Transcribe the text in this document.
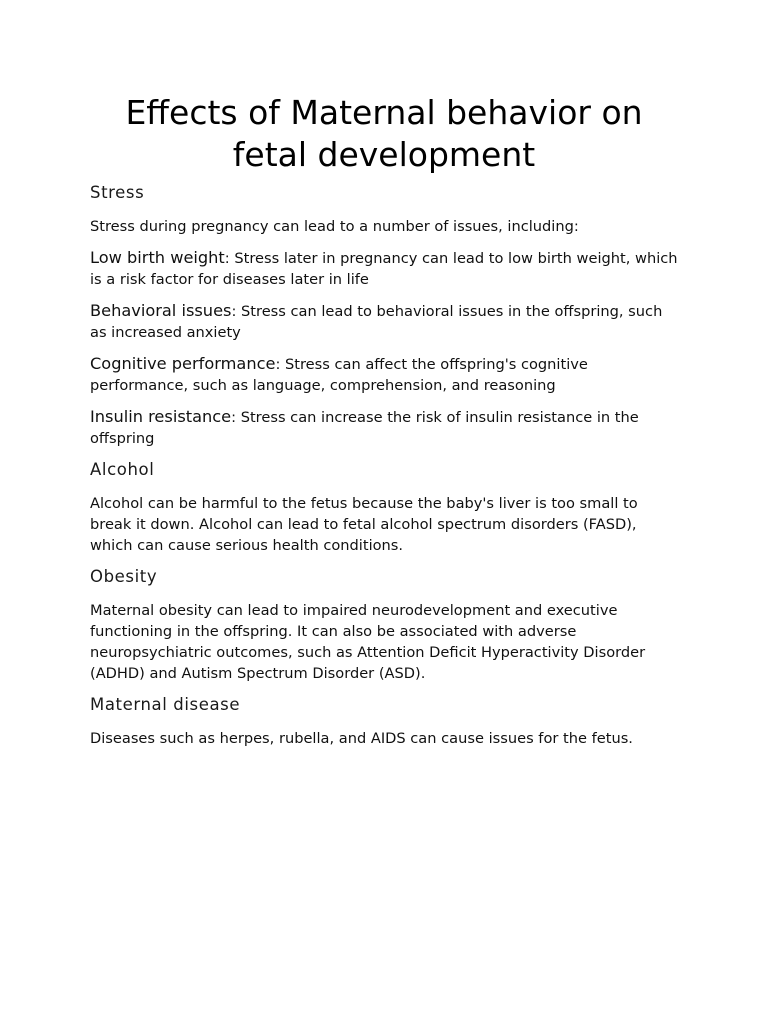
Effects of Maternal behavior on fetal development
Stress

Stress during pregnancy can lead to a number of issues, including:

Low birth weight: Stress later in pregnancy can lead to low birth weight, which is a risk factor for diseases later in life

Behavioral issues: Stress can lead to behavioral issues in the offspring, such as increased anxiety

Cognitive performance: Stress can affect the offspring's cognitive performance, such as language, comprehension, and reasoning

Insulin resistance: Stress can increase the risk of insulin resistance in the offspring

Alcohol

Alcohol can be harmful to the fetus because the baby's liver is too small to break it down. Alcohol can lead to fetal alcohol spectrum disorders (FASD), which can cause serious health conditions.

Obesity

Maternal obesity can lead to impaired neurodevelopment and executive functioning in the offspring. It can also be associated with adverse neuropsychiatric outcomes, such as Attention Deficit Hyperactivity Disorder (ADHD) and Autism Spectrum Disorder (ASD).

Maternal disease

Diseases such as herpes, rubella, and AIDS can cause issues for the fetus.
